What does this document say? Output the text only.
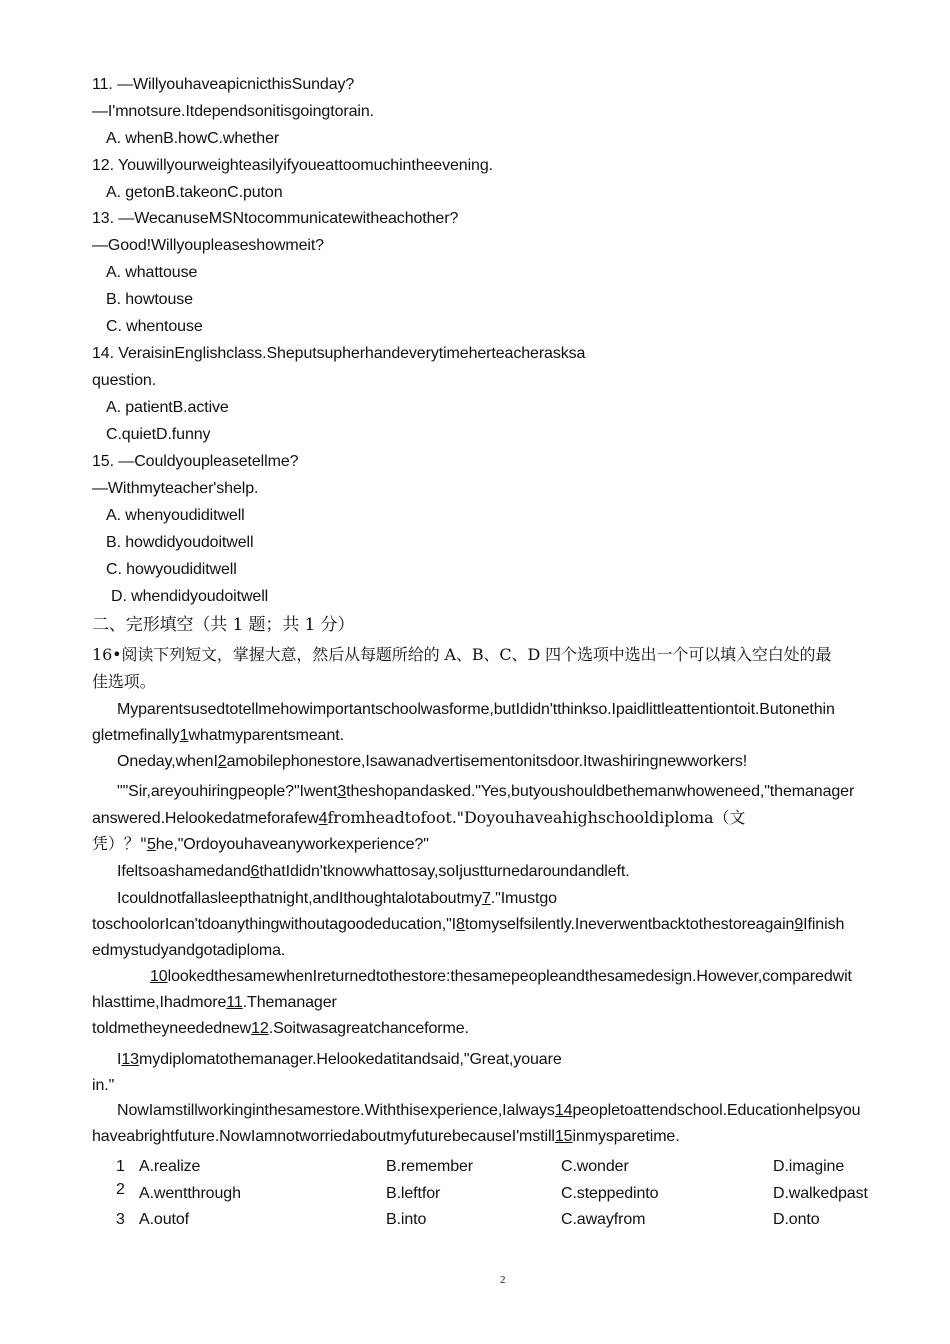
11. —WillyouhaveapicnicthisSunday?
—I'mnotsure.Itdependsonitisgoingtorain.
A. whenB.howC.whether
12. Youwillyourweighteasilyifyoueattoomuchintheevening.
A. getonB.takeonC.puton
13. —WecanuseMSNtocommunicatewitheachother?
—Good!Willyoupleaseshowmeit?
A. whattouse
B. howtouse
C. whentouse
14. VeraisinEnglishclass.Sheputsupherhandeverytimeherteacherasksa
question.
A. patientB.active
C.quietD.funny
15. —Couldyoupleasetellme?
—Withmyteacher'shelp.
A. whenyoudiditwell
B. howdidyoudoitwell
C. howyoudiditwell
D. whendidyoudoitwell
二、完形填空（共 1 题；共 1 分）
16•阅读下列短文，掌握大意，然后从每题所给的 A、B、C、D 四个选项中选出一个可以填入空白处的最
佳选项。
Myparentsusedtotellmehowimportantschoolwasforme,butIdidn'tthinkso.Ipaidlittleattentiontoit.Butonethin
gletmefinally1whatmyparentsmeant.
Oneday,whenI2amobilephonestore,Isawanadvertisementonitsdoor.Itwashiringnewworkers!
""Sir,areyouhiringpeople?"Iwent3theshopandasked."Yes,butyoushouldbethemanwhoweneed,"themanager
answered.Helookedatmeforafew4fromheadtofoot."Doyouhaveahighschooldiploma（文
凭）？"5he,"Ordoyouhaveanyworkexperience?"
Ifeltsoashamedand6thatIdidn'tknowwhattosay,soIjustturnedaroundandleft.
Icouldnotfallasleepthatnight,andIthoughtalotaboutmy7."Imustgo
toschoolorIcan'tdoanythingwithoutagoodeducation,"I8tomyselfsilently.Ineverwentbacktothestoreagain9Ifinish
edmystudyandgotadiploma.
10lookedthesamewhenIreturnedtothestore:thesamepeopleandthesamedesign.However,comparedwit
hlasttime,Ihadmore11.Themanager
toldmetheyneedednew12.Soitwasagreatchanceforme.
I13mydiplomatothemanager.Helookedatitandsaid,"Great,youare
in."
NowIamstillworkinginthesamestore.Withthisexperience,Ialways14peopletoattendschool.Educationhelpsyou
haveabrightfuture.NowIamnotworriedaboutmyfuturebecauseI'mstill15inmysparetime.
1 A.realize	B.remember	C.wonder	D.imagine
2 A.wentthrough	B.leftfor	C.steppedinto	D.walkedpast
3 A.outof	B.into	C.awayfrom	D.onto
2
